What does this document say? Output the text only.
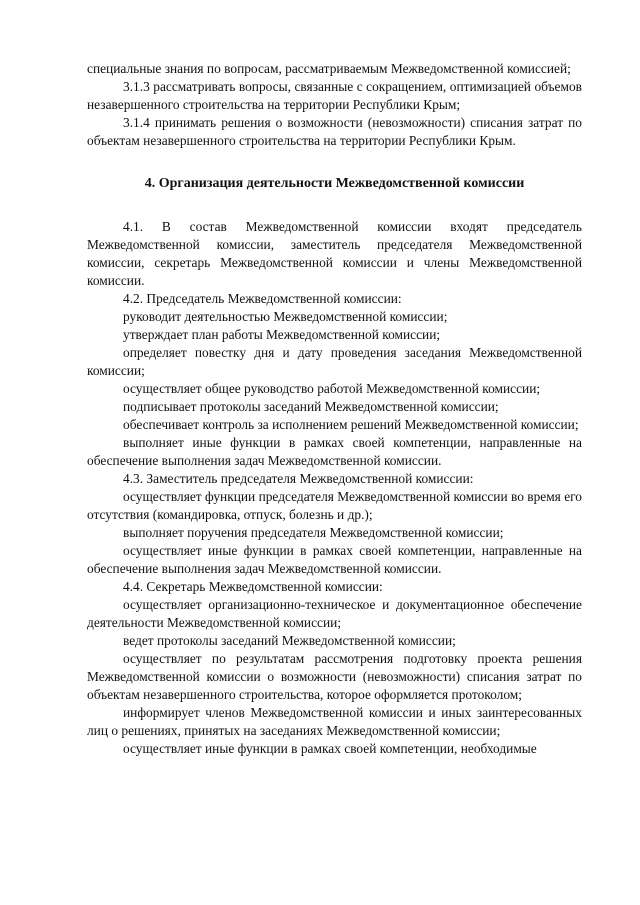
специальные знания по вопросам, рассматриваемым Межведомственной комиссией;

3.1.3 рассматривать вопросы, связанные с сокращением, оптимизацией объемов незавершенного строительства на территории Республики Крым;

3.1.4 принимать решения о возможности (невозможности) списания затрат по объектам незавершенного строительства на территории Республики Крым.

4. Организация деятельности Межведомственной комиссии

4.1. В состав Межведомственной комиссии входят председатель Межведомственной комиссии, заместитель председателя Межведомственной комиссии, секретарь Межведомственной комиссии и члены Межведомственной комиссии.

4.2. Председатель Межведомственной комиссии:

руководит деятельностью Межведомственной комиссии;

утверждает план работы Межведомственной комиссии;

определяет повестку дня и дату проведения заседания Межведомственной комиссии;

осуществляет общее руководство работой Межведомственной комиссии;

подписывает протоколы заседаний Межведомственной комиссии;

обеспечивает контроль за исполнением решений Межведомственной комиссии;

выполняет иные функции в рамках своей компетенции, направленные на обеспечение выполнения задач Межведомственной комиссии.

4.3. Заместитель председателя Межведомственной комиссии:

осуществляет функции председателя Межведомственной комиссии во время его отсутствия (командировка, отпуск, болезнь и др.);

выполняет поручения председателя Межведомственной комиссии;

осуществляет иные функции в рамках своей компетенции, направленные на обеспечение выполнения задач Межведомственной комиссии.

4.4. Секретарь Межведомственной комиссии:

осуществляет организационно-техническое и документационное обеспечение деятельности Межведомственной комиссии;

ведет протоколы заседаний Межведомственной комиссии;

осуществляет по результатам рассмотрения подготовку проекта решения Межведомственной комиссии о возможности (невозможности) списания затрат по объектам незавершенного строительства, которое оформляется протоколом;

информирует членов Межведомственной комиссии и иных заинтересованных лиц о решениях, принятых на заседаниях Межведомственной комиссии;

осуществляет иные функции в рамках своей компетенции, необходимые
